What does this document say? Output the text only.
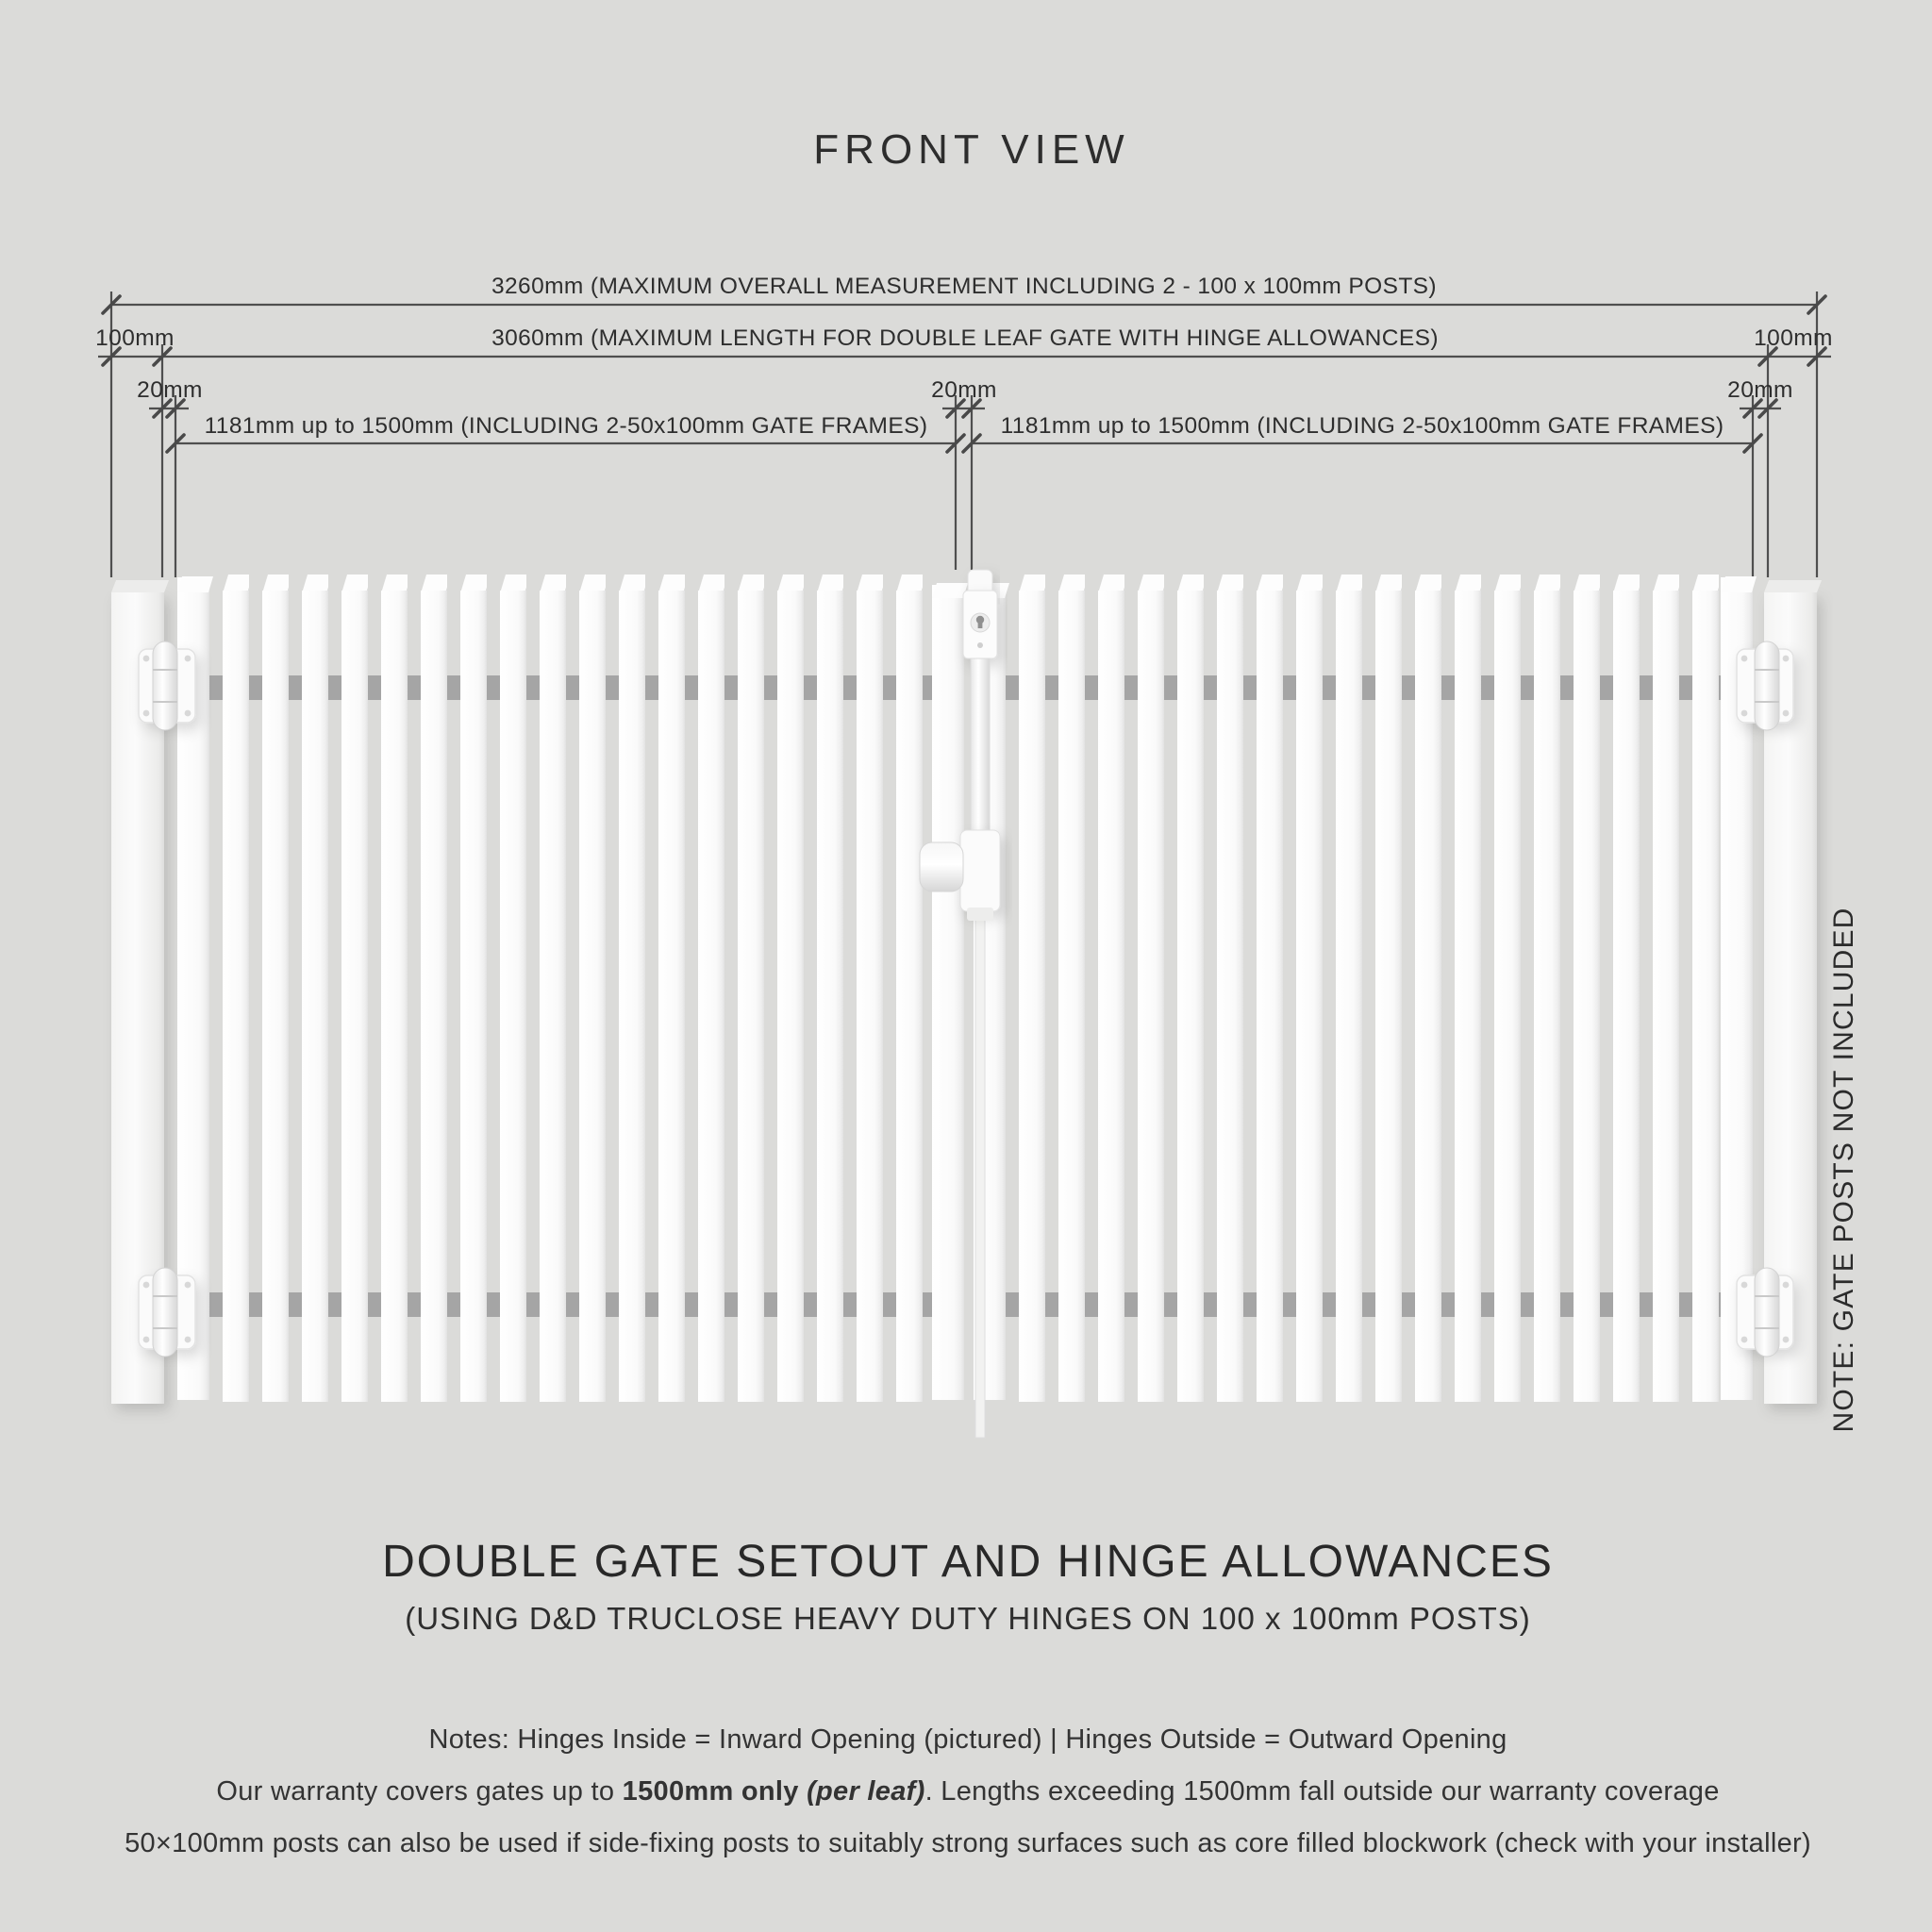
FRONT VIEW
3260mm (MAXIMUM OVERALL MEASUREMENT INCLUDING 2 - 100 x 100mm POSTS)
100mm	3060mm (MAXIMUM LENGTH FOR DOUBLE LEAF GATE WITH HINGE ALLOWANCES)	100mm
20mm	20mm	20mm
1181mm up to 1500mm (INCLUDING 2-50x100mm GATE FRAMES)	1181mm up to 1500mm (INCLUDING 2-50x100mm GATE FRAMES)
NOTE: GATE POSTS NOT INCLUDED
DOUBLE GATE SETOUT AND HINGE ALLOWANCES
(USING D&D TRUCLOSE HEAVY DUTY HINGES ON 100 x 100mm POSTS)
Notes: Hinges Inside = Inward Opening (pictured) | Hinges Outside = Outward Opening
Our warranty covers gates up to 1500mm only (per leaf). Lengths exceeding 1500mm fall outside our warranty coverage
50×100mm posts can also be used if side-fixing posts to suitably strong surfaces such as core filled blockwork (check with your installer)
